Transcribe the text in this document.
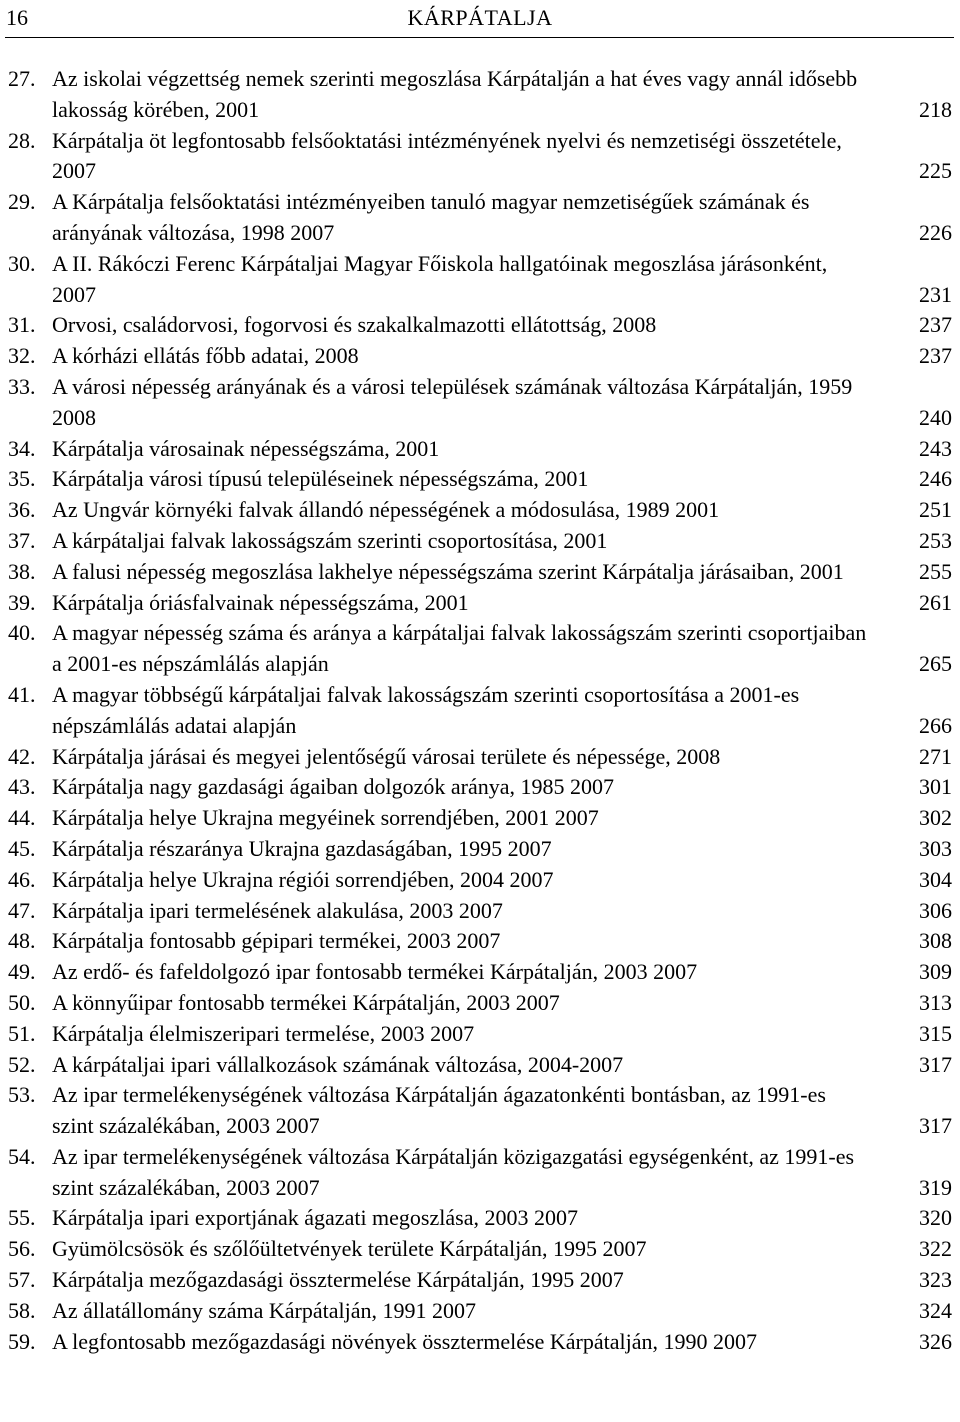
16	KÁRPÁTALJA
27. Az iskolai végzettség nemek szerinti megoszlása Kárpátalján a hat éves vagy annál idősebb lakosság körében, 2001	218
28. Kárpátalja öt legfontosabb felsőoktatási intézményének nyelvi és nemzetiségi összetétele, 2007	225
29. A Kárpátalja felsőoktatási intézményeiben tanuló magyar nemzetiségűek számának és arányának változása, 1998 2007	226
30. A II. Rákóczi Ferenc Kárpátaljai Magyar Főiskola hallgatóinak megoszlása járásonként, 2007	231
31. Orvosi, családorvosi, fogorvosi és szakalkalmazotti ellátottság, 2008	237
32. A kórházi ellátás főbb adatai, 2008	237
33. A városi népesség arányának és a városi települések számának változása Kárpátalján, 1959 2008	240
34. Kárpátalja városainak népességszáma, 2001	243
35. Kárpátalja városi típusú településeinek népességszáma, 2001	246
36. Az Ungvár környéki falvak állandó népességének a módosulása, 1989 2001	251
37. A kárpátaljai falvak lakosságszám szerinti csoportosítása, 2001	253
38. A falusi népesség megoszlása lakhelye népességszáma szerint Kárpátalja járásaiban, 2001	255
39. Kárpátalja óriásfalvainak népességszáma, 2001	261
40. A magyar népesség száma és aránya a kárpátaljai falvak lakosságszám szerinti csoportjaiban a 2001-es népszámlálás alapján	265
41. A magyar többségű kárpátaljai falvak lakosságszám szerinti csoportosítása a 2001-es népszámlálás adatai alapján	266
42. Kárpátalja járásai és megyei jelentőségű városai területe és népessége, 2008	271
43. Kárpátalja nagy gazdasági ágaiban dolgozók aránya, 1985 2007	301
44. Kárpátalja helye Ukrajna megyéinek sorrendjében, 2001 2007	302
45. Kárpátalja részaránya Ukrajna gazdaságában, 1995 2007	303
46. Kárpátalja helye Ukrajna régiói sorrendjében, 2004 2007	304
47. Kárpátalja ipari termelésének alakulása, 2003 2007	306
48. Kárpátalja fontosabb gépipari termékei, 2003 2007	308
49. Az erdő- és fafeldolgozó ipar fontosabb termékei Kárpátalján, 2003 2007	309
50. A könnyűipar fontosabb termékei Kárpátalján, 2003 2007	313
51. Kárpátalja élelmiszeripari termelése, 2003 2007	315
52. A kárpátaljai ipari vállalkozások számának változása, 2004-2007	317
53. Az ipar termelékenységének változása Kárpátalján ágazatonkénti bontásban, az 1991-es szint százalékában, 2003 2007	317
54. Az ipar termelékenységének változása Kárpátalján közigazgatási egységenként, az 1991-es szint százalékában, 2003 2007	319
55. Kárpátalja ipari exportjának ágazati megoszlása, 2003 2007	320
56. Gyümölcsösök és szőlőültetvények területe Kárpátalján, 1995 2007	322
57. Kárpátalja mezőgazdasági össztermelése Kárpátalján, 1995 2007	323
58. Az állatállomány száma Kárpátalján, 1991 2007	324
59. A legfontosabb mezőgazdasági növények össztermelése Kárpátalján, 1990 2007	326
